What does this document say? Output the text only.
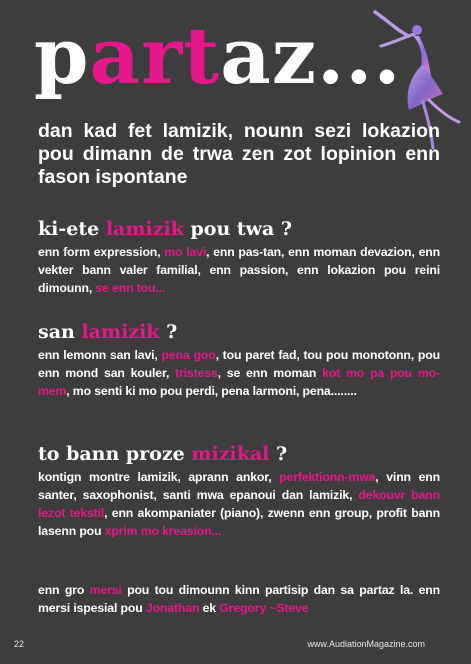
partaz...

dan kad fet lamizik, nounn sezi lokazion pou dimann de trwa zen zot lopinion enn fason ispontane

ki-ete lamizik pou twa ?

enn form expression, mo lavi, enn pas-tan, enn moman devazion, enn vekter bann valer familial, enn passion, enn lokazion pou reini dimounn, se enn tou...

san lamizik ?

enn lemonn san lavi, pena goo, tou paret fad, tou pou monotonn, pou enn mond san kouler, tristess, se enn moman kot mo pa pou mo-mem, mo senti ki mo pou perdi, pena larmoni, pena........

to bann proze mizikal ?

kontign montre lamizik, aprann ankor, perfektionn-mwa, vinn enn santer, saxophonist, santi mwa epanoui dan lamizik, dekouvr bann lezot tekstil, enn akompaniater (piano), zwenn enn group, profit bann lasenn pou xprim mo kreasion...

enn gro mersi pou tou dimounn kinn partisip dan sa partaz la. enn mersi ispesial pou Jonathan ek Gregory ~Steve

22	www.AudiationMagazine.com
